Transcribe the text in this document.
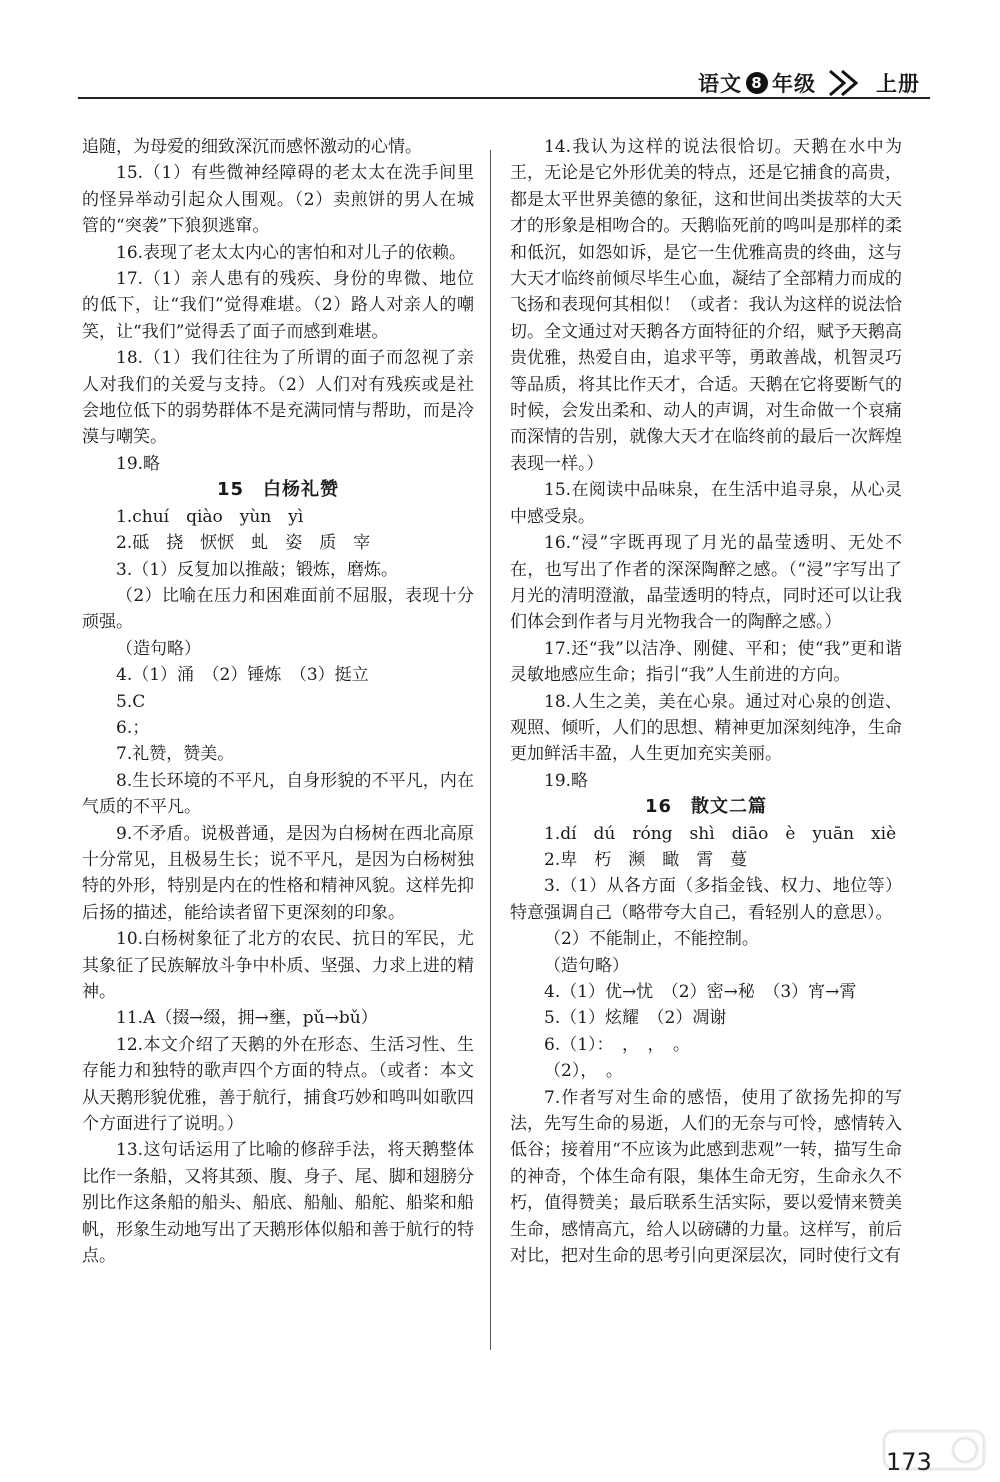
语文 8 年级	上册

追随，为母爱的细致深沉而感怀激动的心情。

15.（1）有些微神经障碍的老太太在洗手间里的怪异举动引起众人围观。（2）卖煎饼的男人在城管的“突袭”下狼狈逃窜。

16.表现了老太太内心的害怕和对儿子的依赖。

17.（1）亲人患有的残疾、身份的卑微、地位的低下，让“我们”觉得难堪。（2）路人对亲人的嘲笑，让“我们”觉得丢了面子而感到难堪。

18.（1）我们往往为了所谓的面子而忽视了亲人对我们的关爱与支持。（2）人们对有残疾或是社会地位低下的弱势群体不是充满同情与帮助，而是冷漠与嘲笑。

19.略

15　白杨礼赞

1.chuí　qiào　yùn　yì

2.砥　挠　恹恹　虬　姿　质　宰

3.（1）反复加以推敲；锻炼，磨炼。

（2）比喻在压力和困难面前不屈服，表现十分顽强。

（造句略）

4.（1）涌　（2）锤炼　（3）挺立

5.C

6.；

7.礼赞，赞美。

8.生长环境的不平凡，自身形貌的不平凡，内在气质的不平凡。

9.不矛盾。说极普通，是因为白杨树在西北高原十分常见，且极易生长；说不平凡，是因为白杨树独特的外形，特别是内在的性格和精神风貌。这样先抑后扬的描述，能给读者留下更深刻的印象。

10.白杨树象征了北方的农民、抗日的军民，尤其象征了民族解放斗争中朴质、坚强、力求上进的精神。

11.A（掇→缀，拥→壅，pǔ→bǔ）

12.本文介绍了天鹅的外在形态、生活习性、生存能力和独特的歌声四个方面的特点。（或者：本文从天鹅形貌优雅，善于航行，捕食巧妙和鸣叫如歌四个方面进行了说明。）

13.这句话运用了比喻的修辞手法，将天鹅整体比作一条船，又将其颈、腹、身子、尾、脚和翅膀分别比作这条船的船头、船底、船舢、船舵、船桨和船帆，形象生动地写出了天鹅形体似船和善于航行的特点。

14.我认为这样的说法很恰切。天鹅在水中为王，无论是它外形优美的特点，还是它捕食的高贵，都是太平世界美德的象征，这和世间出类拔萃的大天才的形象是相吻合的。天鹅临死前的鸣叫是那样的柔和低沉，如怨如诉，是它一生优雅高贵的终曲，这与大天才临终前倾尽毕生心血，凝结了全部精力而成的飞扬和表现何其相似！（或者：我认为这样的说法恰切。全文通过对天鹅各方面特征的介绍，赋予天鹅高贵优雅，热爱自由，追求平等，勇敢善战，机智灵巧等品质，将其比作天才，合适。天鹅在它将要断气的时候，会发出柔和、动人的声调，对生命做一个哀痛而深情的告别，就像大天才在临终前的最后一次辉煌表现一样。）

15.在阅读中品味泉，在生活中追寻泉，从心灵中感受泉。

16.“浸”字既再现了月光的晶莹透明、无处不在，也写出了作者的深深陶醉之感。（“浸”字写出了月光的清明澄澈，晶莹透明的特点，同时还可以让我们体会到作者与月光物我合一的陶醉之感。）

17.还“我”以洁净、刚健、平和；使“我”更和谐灵敏地感应生命；指引“我”人生前进的方向。

18.人生之美，美在心泉。通过对心泉的创造、观照、倾听，人们的思想、精神更加深刻纯净，生命更加鲜活丰盈，人生更加充实美丽。

19.略

16　散文二篇

1.dí　dú　róng　shì　diāo　è　yuān　xiè

2.卑　朽　濒　瞰　霄　蔓

3.（1）从各方面（多指金钱、权力、地位等）特意强调自己（略带夸大自己，看轻别人的意思）。

（2）不能制止，不能控制。

（造句略）

4.（1）优→忧　（2）密→秘　（3）宵→霄

5.（1）炫耀　（2）凋谢

6.（1）：　，　，　。

（2），　。

7.作者写对生命的感悟，使用了欲扬先抑的写法，先写生命的易逝，人们的无奈与可怜，感情转入低谷；接着用“不应该为此感到悲观”一转，描写生命的神奇，个体生命有限，集体生命无穷，生命永久不朽，值得赞美；最后联系生活实际，要以爱情来赞美生命，感情高亢，给人以磅礴的力量。这样写，前后对比，把对生命的思考引向更深层次，同时使行文有

173
